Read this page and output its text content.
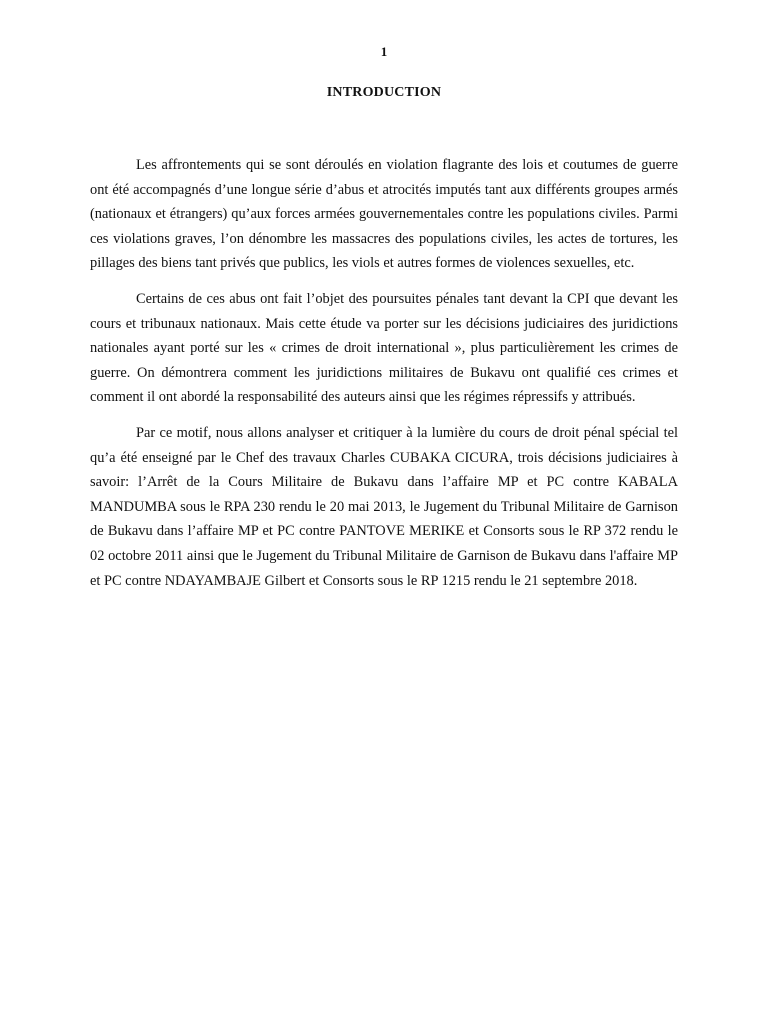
1
INTRODUCTION

Les affrontements qui se sont déroulés en violation flagrante des lois et coutumes de guerre ont été accompagnés d’une longue série d’abus et atrocités imputés tant aux différents groupes armés (nationaux et étrangers) qu’aux forces armées gouvernementales contre les populations civiles. Parmi ces violations graves, l’on dénombre les massacres des populations civiles, les actes de tortures, les pillages des biens tant privés que publics, les viols et autres formes de violences sexuelles, etc.

Certains de ces abus ont fait l’objet des poursuites pénales tant devant la CPI que devant les cours et tribunaux nationaux. Mais cette étude va porter sur les décisions judiciaires des juridictions nationales ayant porté sur les « crimes de droit international », plus particulièrement les crimes de guerre. On démontrera comment les juridictions militaires de Bukavu ont qualifié ces crimes et comment il ont abordé la responsabilité des auteurs ainsi que les régimes répressifs y attribués.

Par ce motif, nous allons analyser et critiquer à la lumière du cours de droit pénal spécial tel qu’a été enseigné par le Chef des travaux Charles CUBAKA CICURA, trois décisions judiciaires à savoir: l’Arrêt de la Cours Militaire de Bukavu dans l’affaire MP et PC contre KABALA MANDUMBA sous le RPA 230 rendu le 20 mai 2013, le Jugement du Tribunal Militaire de Garnison de Bukavu dans l’affaire MP et PC contre PANTOVE MERIKE et Consorts sous le RP 372 rendu le 02 octobre 2011 ainsi que le Jugement du Tribunal Militaire de Garnison de Bukavu dans l'affaire MP et PC contre NDAYAMBAJE Gilbert et Consorts sous le RP 1215 rendu le 21 septembre 2018.
